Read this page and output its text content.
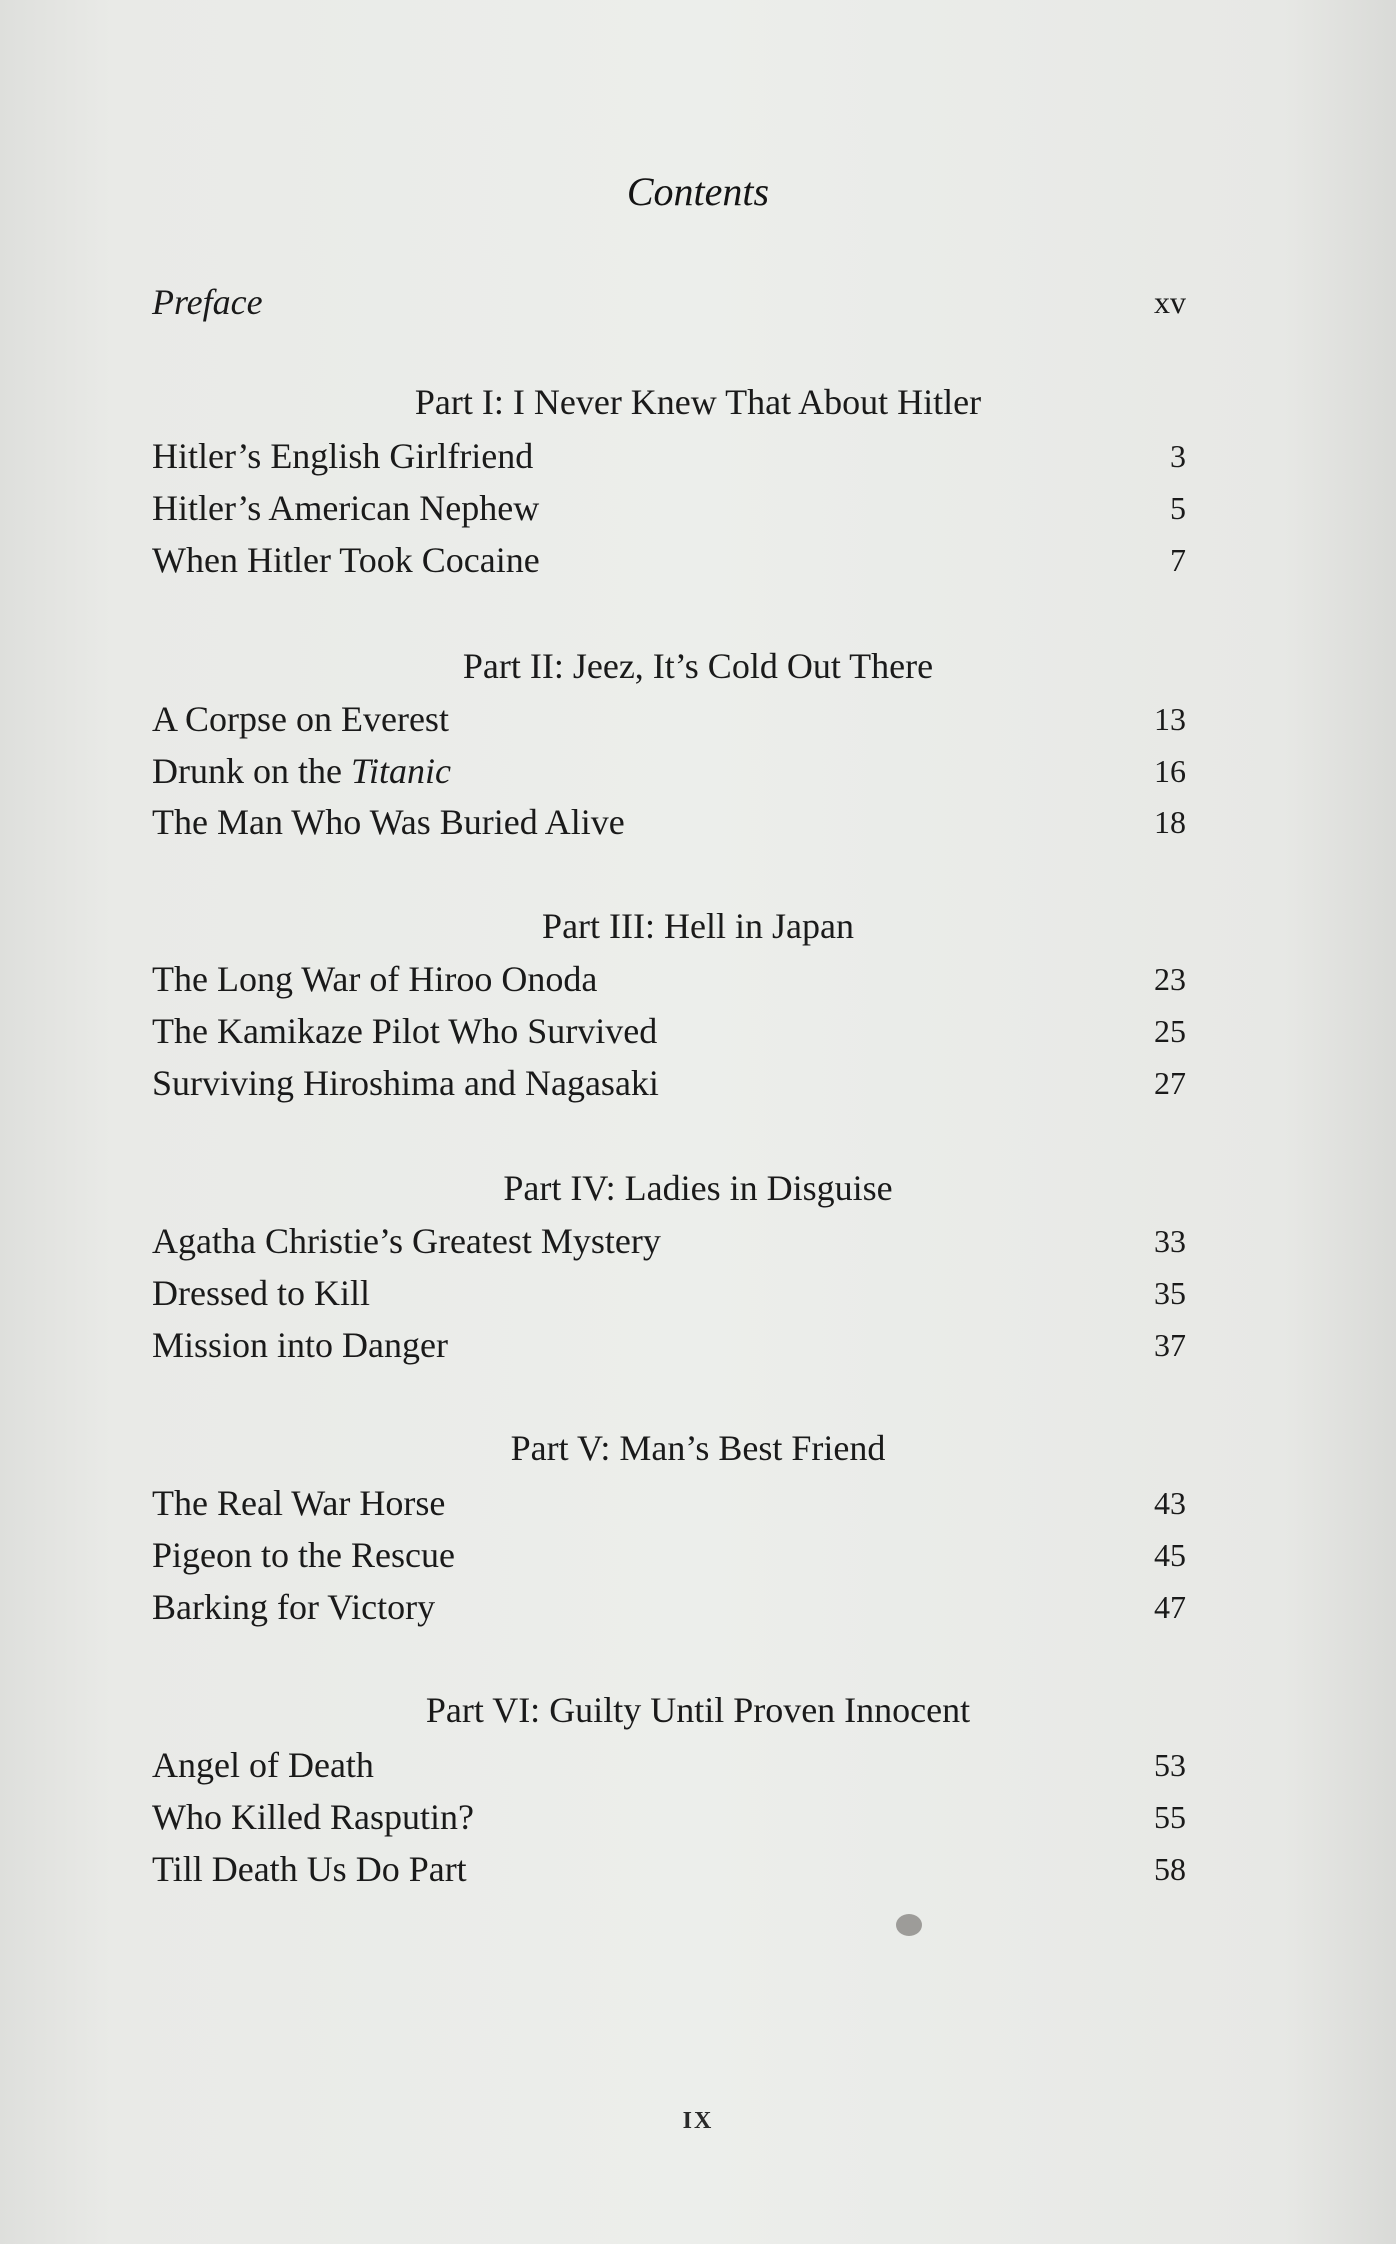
Contents
Preface	xv
Part I: I Never Knew That About Hitler
Hitler’s English Girlfriend	3
Hitler’s American Nephew	5
When Hitler Took Cocaine	7
Part II: Jeez, It’s Cold Out There
A Corpse on Everest	13
Drunk on the Titanic	16
The Man Who Was Buried Alive	18
Part III: Hell in Japan
The Long War of Hiroo Onoda	23
The Kamikaze Pilot Who Survived	25
Surviving Hiroshima and Nagasaki	27
Part IV: Ladies in Disguise
Agatha Christie’s Greatest Mystery	33
Dressed to Kill	35
Mission into Danger	37
Part V: Man’s Best Friend
The Real War Horse	43
Pigeon to the Rescue	45
Barking for Victory	47
Part VI: Guilty Until Proven Innocent
Angel of Death	53
Who Killed Rasputin?	55
Till Death Us Do Part	58
IX
